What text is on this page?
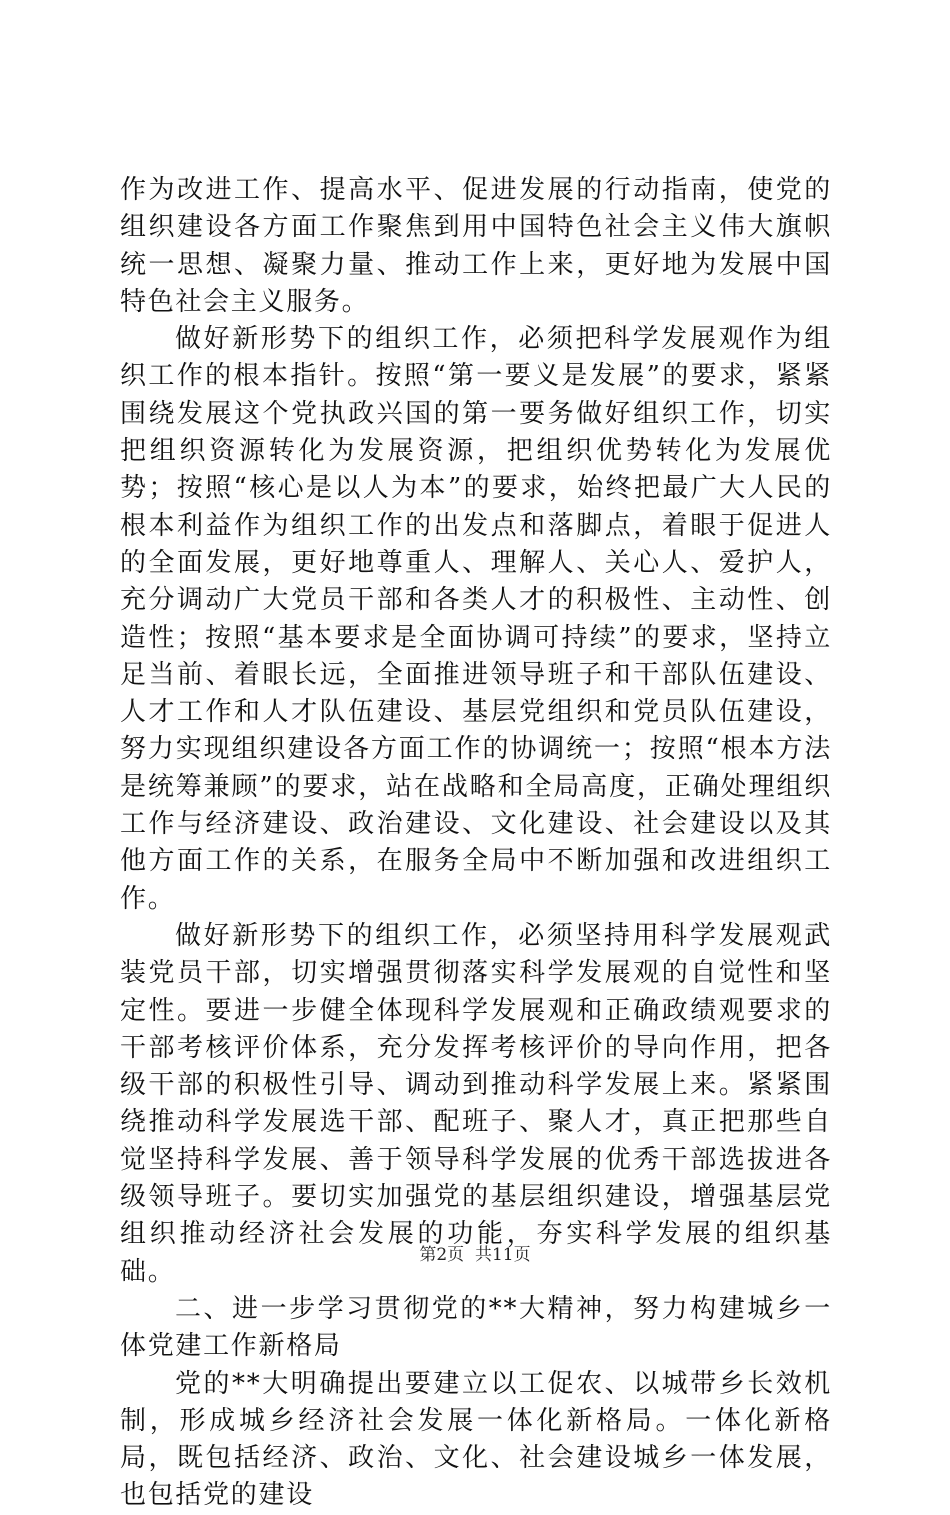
作为改进工作、提高水平、促进发展的行动指南，使党的组织建设各方面工作聚焦到用中国特色社会主义伟大旗帜统一思想、凝聚力量、推动工作上来，更好地为发展中国特色社会主义服务。

做好新形势下的组织工作，必须把科学发展观作为组织工作的根本指针。按照“第一要义是发展”的要求，紧紧围绕发展这个党执政兴国的第一要务做好组织工作，切实把组织资源转化为发展资源，把组织优势转化为发展优势；按照“核心是以人为本”的要求，始终把最广大人民的根本利益作为组织工作的出发点和落脚点，着眼于促进人的全面发展，更好地尊重人、理解人、关心人、爱护人，充分调动广大党员干部和各类人才的积极性、主动性、创造性；按照“基本要求是全面协调可持续”的要求，坚持立足当前、着眼长远，全面推进领导班子和干部队伍建设、人才工作和人才队伍建设、基层党组织和党员队伍建设，努力实现组织建设各方面工作的协调统一；按照“根本方法是统筹兼顾”的要求，站在战略和全局高度，正确处理组织工作与经济建设、政治建设、文化建设、社会建设以及其他方面工作的关系，在服务全局中不断加强和改进组织工作。

做好新形势下的组织工作，必须坚持用科学发展观武装党员干部，切实增强贯彻落实科学发展观的自觉性和坚定性。要进一步健全体现科学发展观和正确政绩观要求的干部考核评价体系，充分发挥考核评价的导向作用，把各级干部的积极性引导、调动到推动科学发展上来。紧紧围绕推动科学发展选干部、配班子、聚人才，真正把那些自觉坚持科学发展、善于领导科学发展的优秀干部选拔进各级领导班子。要切实加强党的基层组织建设，增强基层党组织推动经济社会发展的功能，夯实科学发展的组织基础。

二、进一步学习贯彻党的**大精神，努力构建城乡一体党建工作新格局

党的**大明确提出要建立以工促农、以城带乡长效机制，形成城乡经济社会发展一体化新格局。一体化新格局，既包括经济、政治、文化、社会建设城乡一体发展，也包括党的建设

第2页  共11页
